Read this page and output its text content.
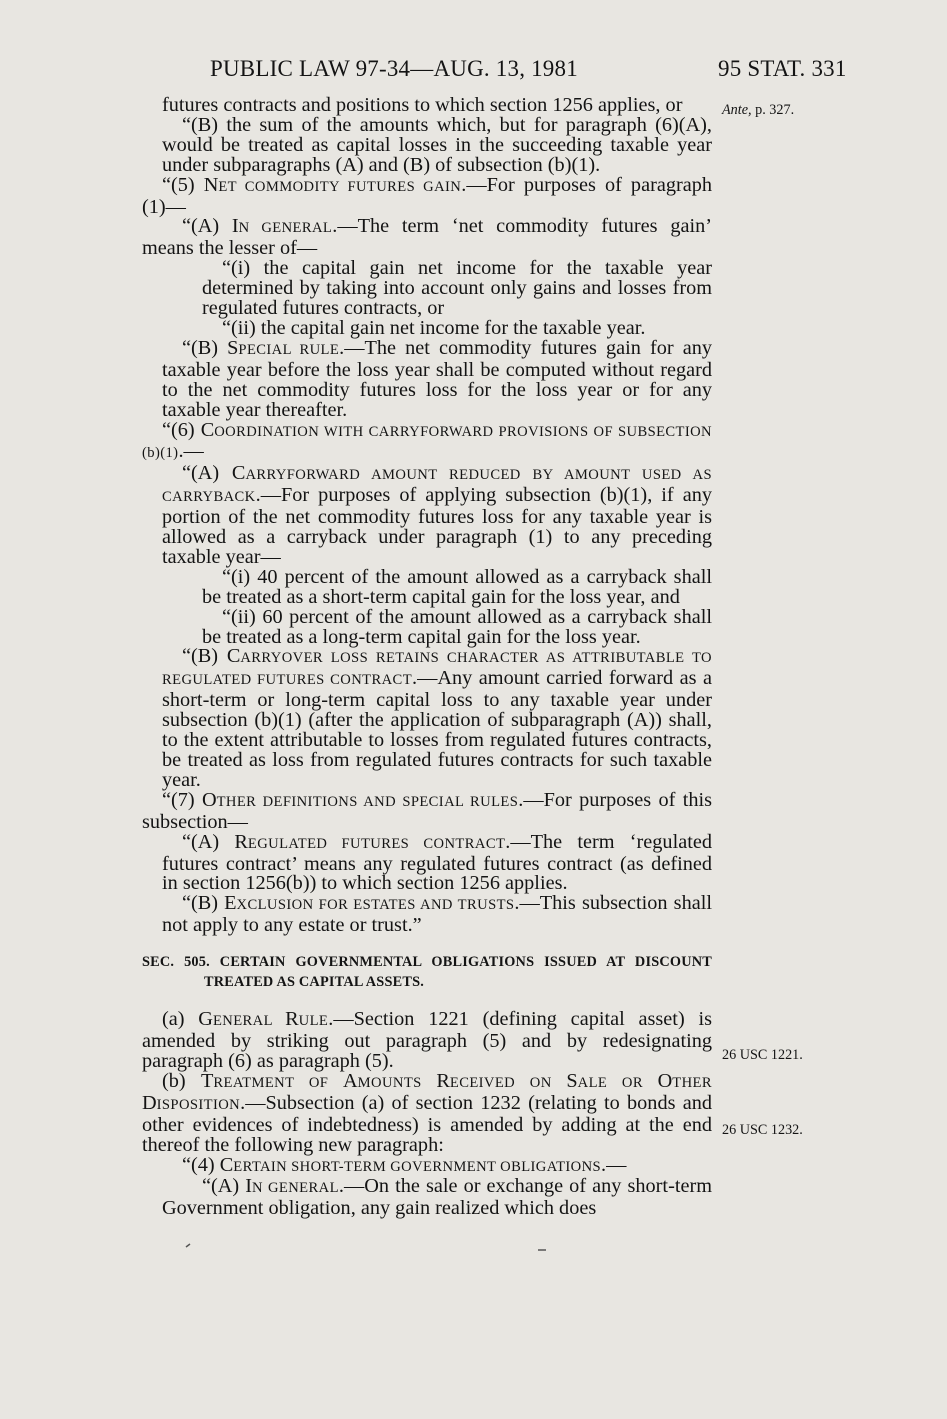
PUBLIC LAW 97-34—AUG. 13, 1981	95 STAT. 331
Ante, p. 327.
26 USC 1221.
26 USC 1232.

futures contracts and positions to which section 1256 applies, or

“(B) the sum of the amounts which, but for paragraph (6)(A), would be treated as capital losses in the succeeding taxable year under subparagraphs (A) and (B) of subsection (b)(1).

“(5) NET COMMODITY FUTURES GAIN.—For purposes of paragraph (1)—

“(A) IN GENERAL.—The term ‘net commodity futures gain’ means the lesser of—

“(i) the capital gain net income for the taxable year determined by taking into account only gains and losses from regulated futures contracts, or

“(ii) the capital gain net income for the taxable year.

“(B) SPECIAL RULE.—The net commodity futures gain for any taxable year before the loss year shall be computed without regard to the net commodity futures loss for the loss year or for any taxable year thereafter.

“(6) COORDINATION WITH CARRYFORWARD PROVISIONS OF SUBSECTION (b)(1).—

“(A) CARRYFORWARD AMOUNT REDUCED BY AMOUNT USED AS CARRYBACK.—For purposes of applying subsection (b)(1), if any portion of the net commodity futures loss for any taxable year is allowed as a carryback under paragraph (1) to any preceding taxable year—

“(i) 40 percent of the amount allowed as a carryback shall be treated as a short-term capital gain for the loss year, and

“(ii) 60 percent of the amount allowed as a carryback shall be treated as a long-term capital gain for the loss year.

“(B) CARRYOVER LOSS RETAINS CHARACTER AS ATTRIBUTABLE TO REGULATED FUTURES CONTRACT.—Any amount carried forward as a short-term or long-term capital loss to any taxable year under subsection (b)(1) (after the application of subparagraph (A)) shall, to the extent attributable to losses from regulated futures contracts, be treated as loss from regulated futures contracts for such taxable year.

“(7) OTHER DEFINITIONS AND SPECIAL RULES.—For purposes of this subsection—

“(A) REGULATED FUTURES CONTRACT.—The term ‘regulated futures contract’ means any regulated futures contract (as defined in section 1256(b)) to which section 1256 applies.

“(B) EXCLUSION FOR ESTATES AND TRUSTS.—This subsection shall not apply to any estate or trust.”

SEC. 505. CERTAIN GOVERNMENTAL OBLIGATIONS ISSUED AT DISCOUNT TREATED AS CAPITAL ASSETS.

(a) GENERAL RULE.—Section 1221 (defining capital asset) is amended by striking out paragraph (5) and by redesignating paragraph (6) as paragraph (5).

(b) TREATMENT OF AMOUNTS RECEIVED ON SALE OR OTHER DISPOSITION.—Subsection (a) of section 1232 (relating to bonds and other evidences of indebtedness) is amended by adding at the end thereof the following new paragraph:

“(4) CERTAIN SHORT-TERM GOVERNMENT OBLIGATIONS.—

“(A) IN GENERAL.—On the sale or exchange of any short-term Government obligation, any gain realized which does
